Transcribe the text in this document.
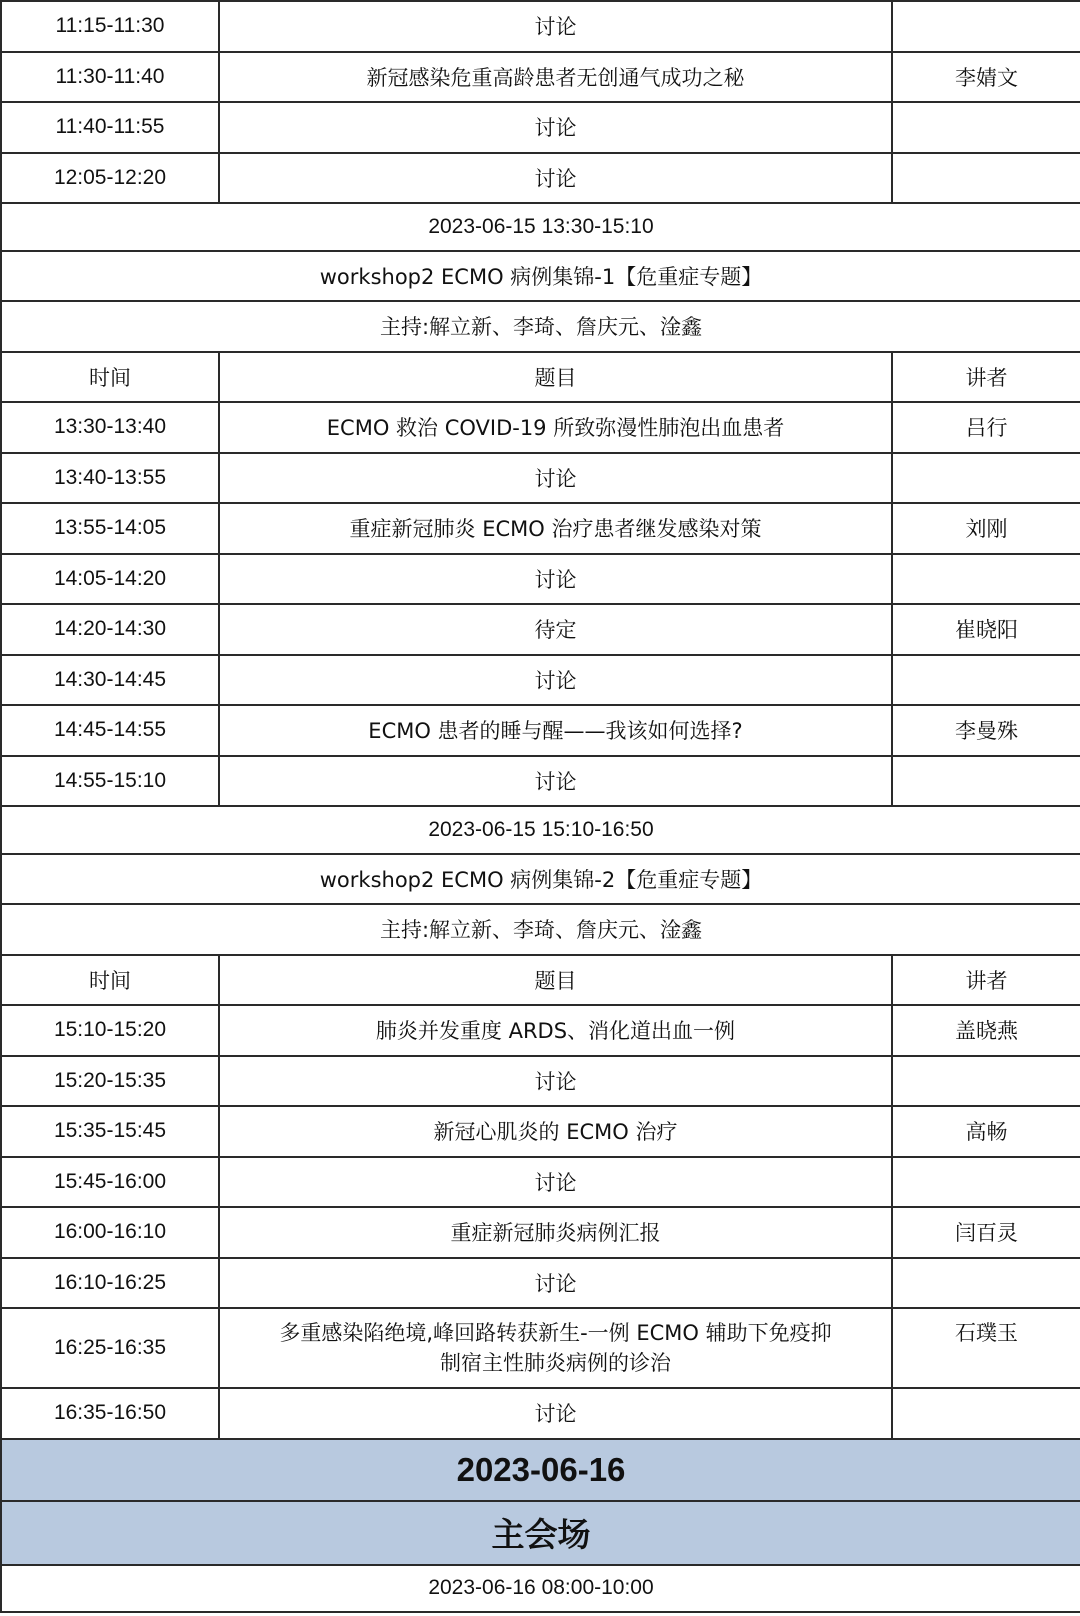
11:15-11:30	讨论	
11:30-11:40	新冠感染危重高龄患者无创通气成功之秘	李婧文
11:40-11:55	讨论	
12:05-12:20	讨论	
2023-06-15 13:30-15:10		
workshop2 ECMO 病例集锦-1【危重症专题】		
主持:解立新、李琦、詹庆元、淦鑫		
时间	题目	讲者
13:30-13:40	ECMO 救治 COVID-19 所致弥漫性肺泡出血患者	吕行
13:40-13:55	讨论	
13:55-14:05	重症新冠肺炎 ECMO 治疗患者继发感染对策	刘刚
14:05-14:20	讨论	
14:20-14:30	待定	崔晓阳
14:30-14:45	讨论	
14:45-14:55	ECMO 患者的睡与醒——我该如何选择?	李曼殊
14:55-15:10	讨论	
2023-06-15 15:10-16:50		
workshop2 ECMO 病例集锦-2【危重症专题】		
主持:解立新、李琦、詹庆元、淦鑫		
时间	题目	讲者
15:10-15:20	肺炎并发重度 ARDS、消化道出血一例	盖晓燕
15:20-15:35	讨论	
15:35-15:45	新冠心肌炎的 ECMO 治疗	高畅
15:45-16:00	讨论	
16:00-16:10	重症新冠肺炎病例汇报	闫百灵
16:10-16:25	讨论	
16:25-16:35	多重感染陷绝境,峰回路转获新生-一例 ECMO 辅助下免疫抑
制宿主性肺炎病例的诊治	石璞玉
16:35-16:50	讨论	
2023-06-16		
主会场		
2023-06-16 08:00-10:00		
